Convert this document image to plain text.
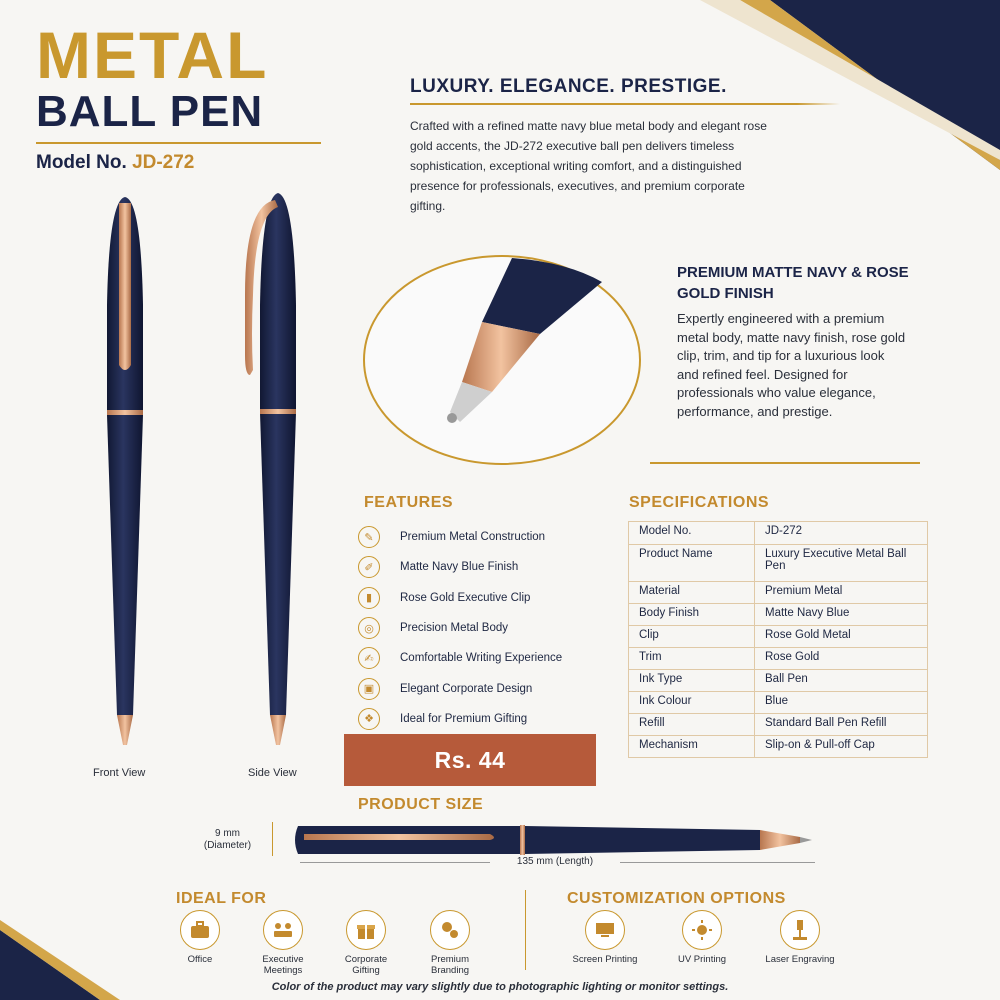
METAL
BALL PEN
Model No. JD-272
LUXURY. ELEGANCE. PRESTIGE.
Crafted with a refined matte navy blue metal body and elegant rose gold accents, the JD-272 executive ball pen delivers timeless sophistication, exceptional writing comfort, and a distinguished presence for professionals, executives, and premium corporate gifting.
Front View	Side View
PREMIUM MATTE NAVY & ROSE GOLD FINISH
Expertly engineered with a premium metal body, matte navy finish, rose gold clip, trim, and tip for a luxurious look and refined feel. Designed for professionals who value elegance, performance, and prestige.
FEATURES
✎	Premium Metal Construction
✐	Matte Navy Blue Finish
▮	Rose Gold Executive Clip
◎	Precision Metal Body
✍	Comfortable Writing Experience
▣	Elegant Corporate Design
❖	Ideal for Premium Gifting
SPECIFICATIONS
Model No.	JD-272
Product Name	Luxury Executive Metal Ball Pen
Material	Premium Metal
Body Finish	Matte Navy Blue
Clip	Rose Gold Metal
Trim	Rose Gold
Ink Type	Ball Pen
Ink Colour	Blue
Refill	Standard Ball Pen Refill
Mechanism	Slip-on & Pull-off Cap
Rs. 44
PRODUCT SIZE
9 mm
(Diameter)
135 mm (Length)
IDEAL FOR
Office	Executive
Meetings
Corporate
Gifting
Premium
Branding
CUSTOMIZATION OPTIONS
Screen Printing	UV Printing	Laser Engraving
Color of the product may vary slightly due to photographic lighting or monitor settings.
